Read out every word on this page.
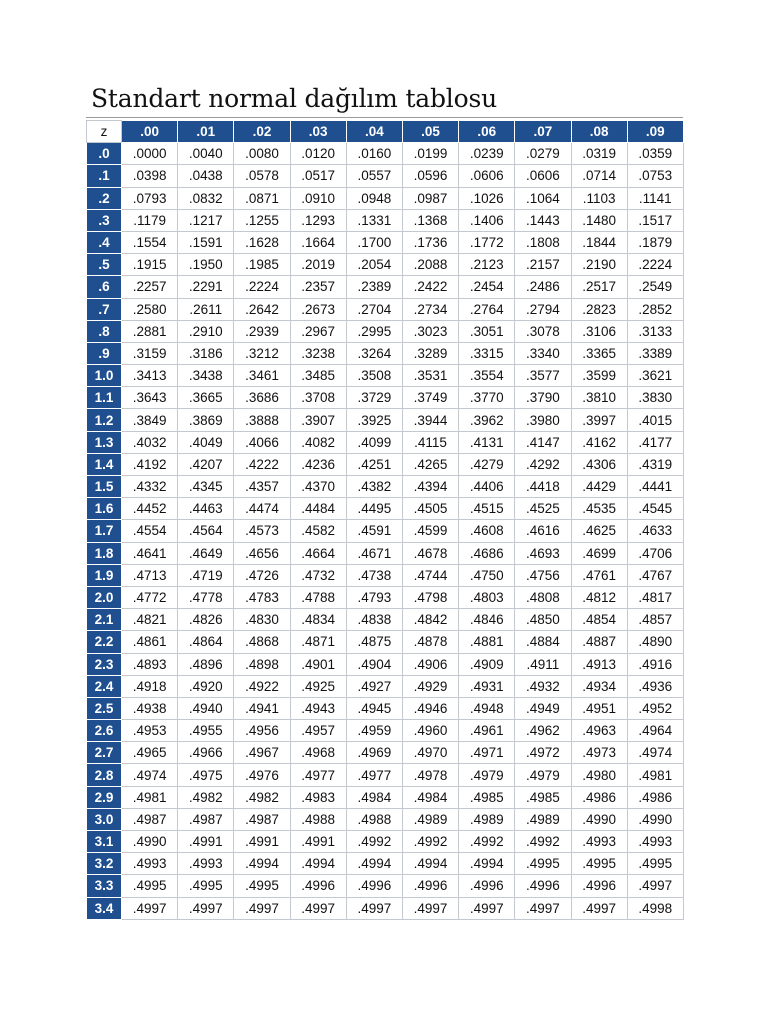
Standart normal dağılım tablosu
z	.00	.01	.02	.03	.04	.05	.06	.07	.08	.09
.0	.0000	.0040	.0080	.0120	.0160	.0199	.0239	.0279	.0319	.0359
.1	.0398	.0438	.0578	.0517	.0557	.0596	.0606	.0606	.0714	.0753
.2	.0793	.0832	.0871	.0910	.0948	.0987	.1026	.1064	.1103	.1141
.3	.1179	.1217	.1255	.1293	.1331	.1368	.1406	.1443	.1480	.1517
.4	.1554	.1591	.1628	.1664	.1700	.1736	.1772	.1808	.1844	.1879
.5	.1915	.1950	.1985	.2019	.2054	.2088	.2123	.2157	.2190	.2224
.6	.2257	.2291	.2224	.2357	.2389	.2422	.2454	.2486	.2517	.2549
.7	.2580	.2611	.2642	.2673	.2704	.2734	.2764	.2794	.2823	.2852
.8	.2881	.2910	.2939	.2967	.2995	.3023	.3051	.3078	.3106	.3133
.9	.3159	.3186	.3212	.3238	.3264	.3289	.3315	.3340	.3365	.3389
1.0	.3413	.3438	.3461	.3485	.3508	.3531	.3554	.3577	.3599	.3621
1.1	.3643	.3665	.3686	.3708	.3729	.3749	.3770	.3790	.3810	.3830
1.2	.3849	.3869	.3888	.3907	.3925	.3944	.3962	.3980	.3997	.4015
1.3	.4032	.4049	.4066	.4082	.4099	.4115	.4131	.4147	.4162	.4177
1.4	.4192	.4207	.4222	.4236	.4251	.4265	.4279	.4292	.4306	.4319
1.5	.4332	.4345	.4357	.4370	.4382	.4394	.4406	.4418	.4429	.4441
1.6	.4452	.4463	.4474	.4484	.4495	.4505	.4515	.4525	.4535	.4545
1.7	.4554	.4564	.4573	.4582	.4591	.4599	.4608	.4616	.4625	.4633
1.8	.4641	.4649	.4656	.4664	.4671	.4678	.4686	.4693	.4699	.4706
1.9	.4713	.4719	.4726	.4732	.4738	.4744	.4750	.4756	.4761	.4767
2.0	.4772	.4778	.4783	.4788	.4793	.4798	.4803	.4808	.4812	.4817
2.1	.4821	.4826	.4830	.4834	.4838	.4842	.4846	.4850	.4854	.4857
2.2	.4861	.4864	.4868	.4871	.4875	.4878	.4881	.4884	.4887	.4890
2.3	.4893	.4896	.4898	.4901	.4904	.4906	.4909	.4911	.4913	.4916
2.4	.4918	.4920	.4922	.4925	.4927	.4929	.4931	.4932	.4934	.4936
2.5	.4938	.4940	.4941	.4943	.4945	.4946	.4948	.4949	.4951	.4952
2.6	.4953	.4955	.4956	.4957	.4959	.4960	.4961	.4962	.4963	.4964
2.7	.4965	.4966	.4967	.4968	.4969	.4970	.4971	.4972	.4973	.4974
2.8	.4974	.4975	.4976	.4977	.4977	.4978	.4979	.4979	.4980	.4981
2.9	.4981	.4982	.4982	.4983	.4984	.4984	.4985	.4985	.4986	.4986
3.0	.4987	.4987	.4987	.4988	.4988	.4989	.4989	.4989	.4990	.4990
3.1	.4990	.4991	.4991	.4991	.4992	.4992	.4992	.4992	.4993	.4993
3.2	.4993	.4993	.4994	.4994	.4994	.4994	.4994	.4995	.4995	.4995
3.3	.4995	.4995	.4995	.4996	.4996	.4996	.4996	.4996	.4996	.4997
3.4	.4997	.4997	.4997	.4997	.4997	.4997	.4997	.4997	.4997	.4998
